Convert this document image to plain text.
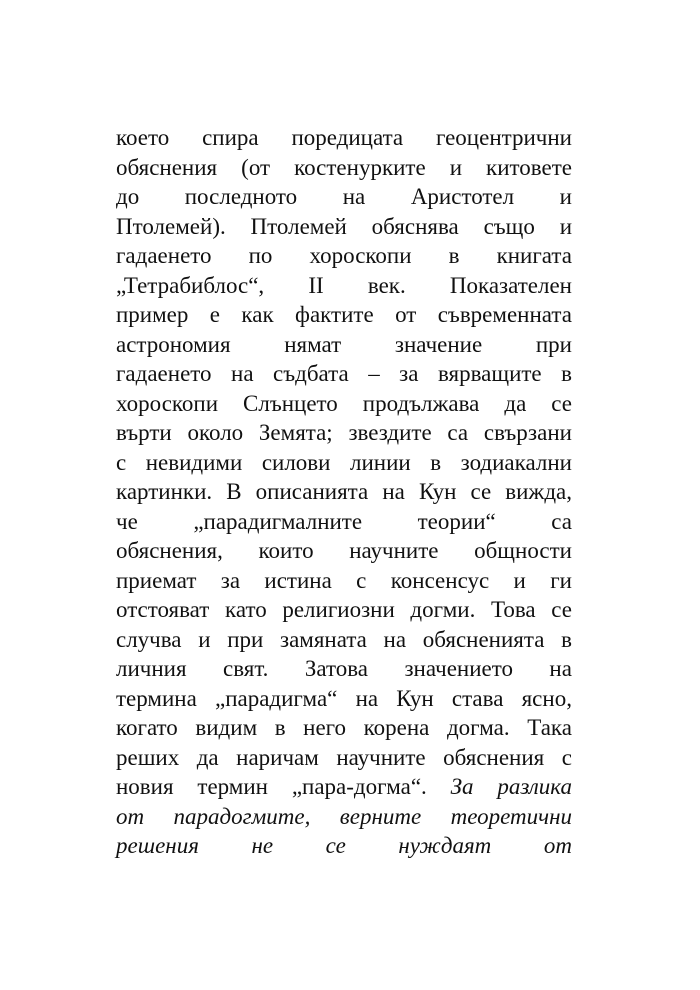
което спира поредицата геоцентрични
обяснения (от костенурките и китовете
до последното на Аристотел и
Птолемей). Птолемей обяснява също и
гадаенето по хороскопи в книгата
„Тетрабиблос“, II век. Показателен
пример е как фактите от съвременната
астрономия нямат значение при
гадаенето на съдбата – за вярващите в
хороскопи Слънцето продължава да се
върти около Земята; звездите са свързани
с невидими силови линии в зодиакални
картинки. В описанията на Кун се вижда,
че „парадигмалните теории“ са
обяснения, които научните общности
приемат за истина с консенсус и ги
отстояват като религиозни догми. Това се
случва и при замяната на обясненията в
личния свят. Затова значението на
термина „парадигма“ на Кун става ясно,
когато видим в него корена догма. Така
реших да наричам научните обяснения с
новия термин „пара-догма“. За разлика
от парадогмите, верните теоретични
решения не се нуждаят от
